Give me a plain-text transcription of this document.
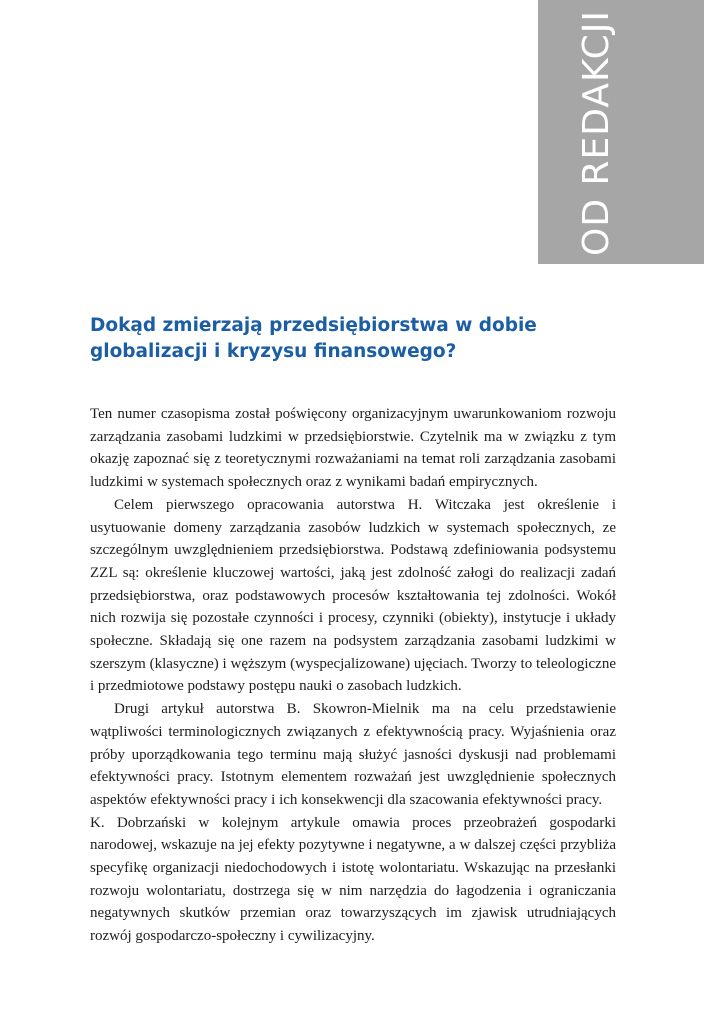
OD REDAKCJI
Dokąd zmierzają przedsiębiorstwa w dobie globalizacji i kryzysu finansowego?

Ten numer czasopisma został poświęcony organizacyjnym uwarunkowaniom rozwoju zarządzania zasobami ludzkimi w przedsiębiorstwie. Czytelnik ma w związku z tym okazję zapoznać się z teoretycznymi rozważaniami na temat roli zarządzania zasobami ludzkimi w systemach społecznych oraz z wynikami badań empirycznych.

Celem pierwszego opracowania autorstwa H. Witczaka jest określenie i usytuowanie domeny zarządzania zasobów ludzkich w systemach społecznych, ze szczególnym uwzględnieniem przedsiębiorstwa. Podstawą zdefiniowania podsystemu ZZL są: określenie kluczowej wartości, jaką jest zdolność załogi do realizacji zadań przedsiębiorstwa, oraz podstawowych procesów kształtowania tej zdolności. Wokół nich rozwija się pozostałe czynności i procesy, czynniki (obiekty), instytucje i układy społeczne. Składają się one razem na podsystem zarządzania zasobami ludzkimi w szerszym (klasyczne) i węższym (wyspecjalizowane) ujęciach. Tworzy to teleologiczne i przedmiotowe podstawy postępu nauki o zasobach ludzkich.

Drugi artykuł autorstwa B. Skowron-Mielnik ma na celu przedstawienie wątpliwości terminologicznych związanych z efektywnością pracy. Wyjaśnienia oraz próby uporządkowania tego terminu mają służyć jasności dyskusji nad problemami efektywności pracy. Istotnym elementem rozważań jest uwzględnienie społecznych aspektów efektywności pracy i ich konsekwencji dla szacowania efektywności pracy.

K. Dobrzański w kolejnym artykule omawia proces przeobrażeń gospodarki narodowej, wskazuje na jej efekty pozytywne i negatywne, a w dalszej części przybliża specyfikę organizacji niedochodowych i istotę wolontariatu. Wskazując na przesłanki rozwoju wolontariatu, dostrzega się w nim narzędzia do łagodzenia i ograniczania negatywnych skutków przemian oraz towarzyszących im zjawisk utrudniających rozwój gospodarczo-społeczny i cywilizacyjny.
